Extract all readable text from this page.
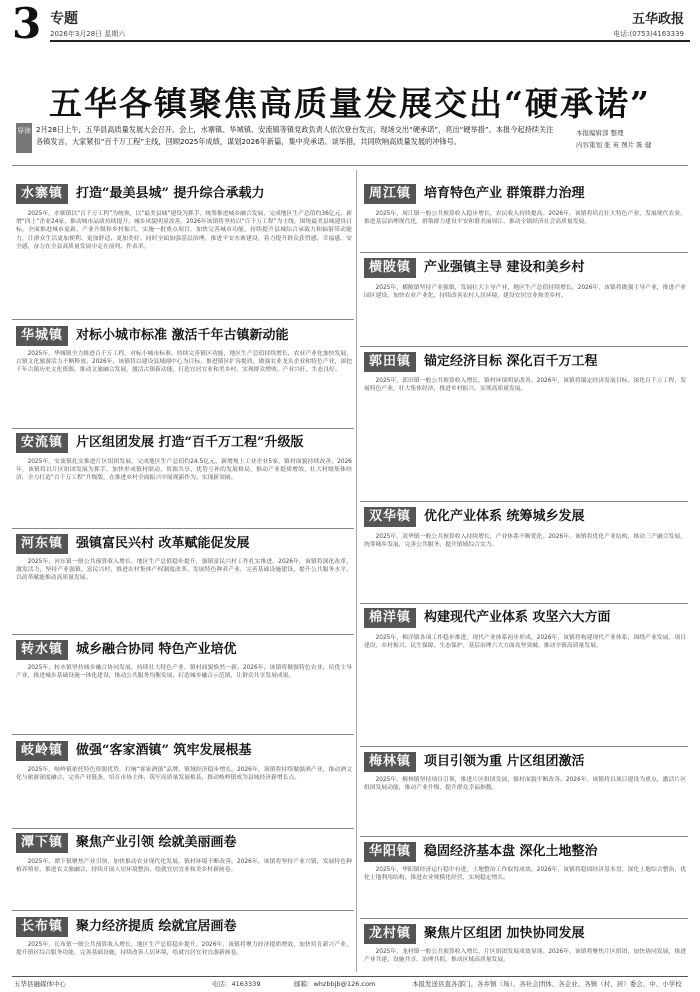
3 专题
2026年3月28日 星期六
五华政报
电话:(0753)4163339
五华各镇聚焦高质量发展交出“硬承诺”
导读 2月28日上午，五华县高质量发展大会召开。会上，水寨镇、华城镇、安流镇等镇党政负责人依次登台发言，现场交出“硬承诺”，亮出“硬举措”。本报今起持续关注各镇发言，大家紧扣“百千万工程”主线，回顾2025年成绩，谋划2026年新篇，集中亮承诺、谈举措，共同吹响高质量发展的冲锋号。
本报编辑部 整理
内容策划 张 英 图片 陈 健
水寨镇	打造“最美县城” 提升综合承载力

2025年，水寨镇以“百千万工程”为统领，以“最美县城”建设为抓手，统筹推进城乡融合发展，完成地区生产总值约36亿元，新增“四上”企业24家，推动城市品质持续提升，城乡风貌明显改善。2026年该镇将坚持以“百千万工程”为主线，围绕最美县城建设目标，全面推进城市更新、产业升级和乡村振兴，实施一批重点项目，加快完善城市功能，持续提升县城综合承载力和辐射带动能力，让群众生活更加便利、更加舒适、更加美好。同时全面加强基层治理，推进平安水寨建设，着力提升群众获得感、幸福感、安全感，奋力在全县高质量发展中走在前列、作表率。

华城镇	对标小城市标准 激活千年古镇新动能

2025年，华城镇全力推进百千万工程，对标小城市标准，持续完善镇区功能，地区生产总值持续增长，农业产业化加快发展，古镇文化旅游活力不断释放。2026年，该镇将以建设县域副中心为目标，推进镇区扩容提质，做强农业龙头企业和特色产业，深挖千年古镇历史文化资源，推动文旅融合发展，激活古镇新动能，打造宜居宜业和美乡村，实现群众增收、产业兴旺、生态良好。

安流镇	片区组团发展 打造“百千万工程”升级版

2025年，安流镇扎实推进片区组团发展，完成地区生产总值约24.5亿元，新增规上工业企业5家，镇村面貌持续改善。2026年，该镇将以片区组团发展为抓手，加快形成镇村联动、资源共享、优势互补的发展格局，推动产业提质增效，壮大村级集体经济，全力打造“百千万工程”升级版，在推进乡村全面振兴中展现新作为、实现新突破。

河东镇	强镇富民兴村 改革赋能促发展

2025年，河东镇一般公共预算收入增长，地区生产总值稳步提升，强镇富民兴村工作扎实推进。2026年，该镇将深化改革、激发活力，坚持产业强镇、富民兴村，推进农村集体产权制度改革，发展特色种养产业，完善基础设施建设，提升公共服务水平，以改革赋能推动高质量发展。

转水镇	城乡融合协同 特色产业培优

2025年，转水镇坚持城乡融合协同发展，持续壮大特色产业，镇村面貌焕然一新。2026年，该镇将做强特色农业，培优主导产业，推进城乡基础设施一体化建设，推动公共服务均衡发展，打造城乡融合示范镇，让群众共享发展成果。

岐岭镇	做强“客家酒镇” 筑牢发展根基

2025年，岐岭镇依托特色资源优势，打响“客家酒镇”品牌，镇域经济稳步增长。2026年，该镇将持续做强酒产业，推动酒文化与旅游深度融合，完善产业链条，培育市场主体，筑牢高质量发展根基，推动岐岭镇成为县域经济新增长点。

潭下镇	聚焦产业引领 绘就美丽画卷

2025年，潭下镇聚焦产业引领，加快推动农业现代化发展，镇村环境不断改善。2026年，该镇将坚持产业兴镇，发展特色种植养殖业，推进农文旅融合，持续开展人居环境整治，绘就宜居宜业和美乡村新画卷。

长布镇	聚力经济提质 绘就宜居画卷

2025年，长布镇一般公共预算收入增长，地区生产总值稳步提升。2026年，该镇将聚力经济提质增效，加快培育新兴产业，提升镇区综合服务功能，完善基础设施，持续改善人居环境，绘就宜居宜业宜游新画卷。

周江镇	培育特色产业 群策群力治理

2025年，周江镇一般公共预算收入稳步增长，农民收入持续提高。2026年，该镇将培育壮大特色产业，发展现代农业，推进基层治理现代化，群策群力建设平安和谐美丽周江，推动全镇经济社会高质量发展。

横陂镇	产业强镇主导 建设和美乡村

2025年，横陂镇坚持产业强镇，发展壮大主导产业，地区生产总值持续增长。2026年，该镇将做强主导产业，推进产业园区建设，加快农业产业化，持续改善农村人居环境，建设宜居宜业和美乡村。

郭田镇	锚定经济目标 深化百千万工程

2025年，郭田镇一般公共预算收入增长，镇村环境明显改善。2026年，该镇将锚定经济发展目标，深化百千万工程，发展特色产业，壮大集体经济，推进乡村振兴，实现高质量发展。

双华镇	优化产业体系 统筹城乡发展

2025年，双华镇一般公共预算收入持续增长，产业体系不断优化。2026年，该镇将优化产业结构，推动三产融合发展，统筹城乡发展，完善公共服务，提升镇域综合实力。

棉洋镇	构建现代产业体系 攻坚六大方面

2025年，棉洋镇各项工作稳步推进，现代产业体系初步形成。2026年，该镇将构建现代产业体系，围绕产业发展、项目建设、乡村振兴、民生保障、生态保护、基层治理六大方面攻坚突破，推动全镇高质量发展。

梅林镇	项目引领为重 片区组团激活

2025年，梅林镇坚持项目引领，推进片区组团发展，镇村面貌不断改善。2026年，该镇将以项目建设为重点，激活片区组团发展动能，推动产业升级，提升群众幸福指数。

华阳镇	稳固经济基本盘 深化土地整治

2025年，华阳镇经济运行稳中有进，土地整治工作取得成效。2026年，该镇将稳固经济基本盘，深化土地综合整治，优化土地利用结构，推进农业规模化经营，实现稳定增长。

龙村镇	聚焦片区组团 加快协同发展

2025年，龙村镇一般公共预算收入增长，片区组团发展成效显现。2026年，该镇将聚焦片区组团，加快协同发展，推进产业共建、设施共享、治理共抓，推动区域高质量发展。

五华县融媒体中心	电话：4163339	邮箱：whzbbjb@126.com	本报发送县直各部门、各乡镇（场）、各社会团体、各企业、各镇（村、居）委会、中、小学校
